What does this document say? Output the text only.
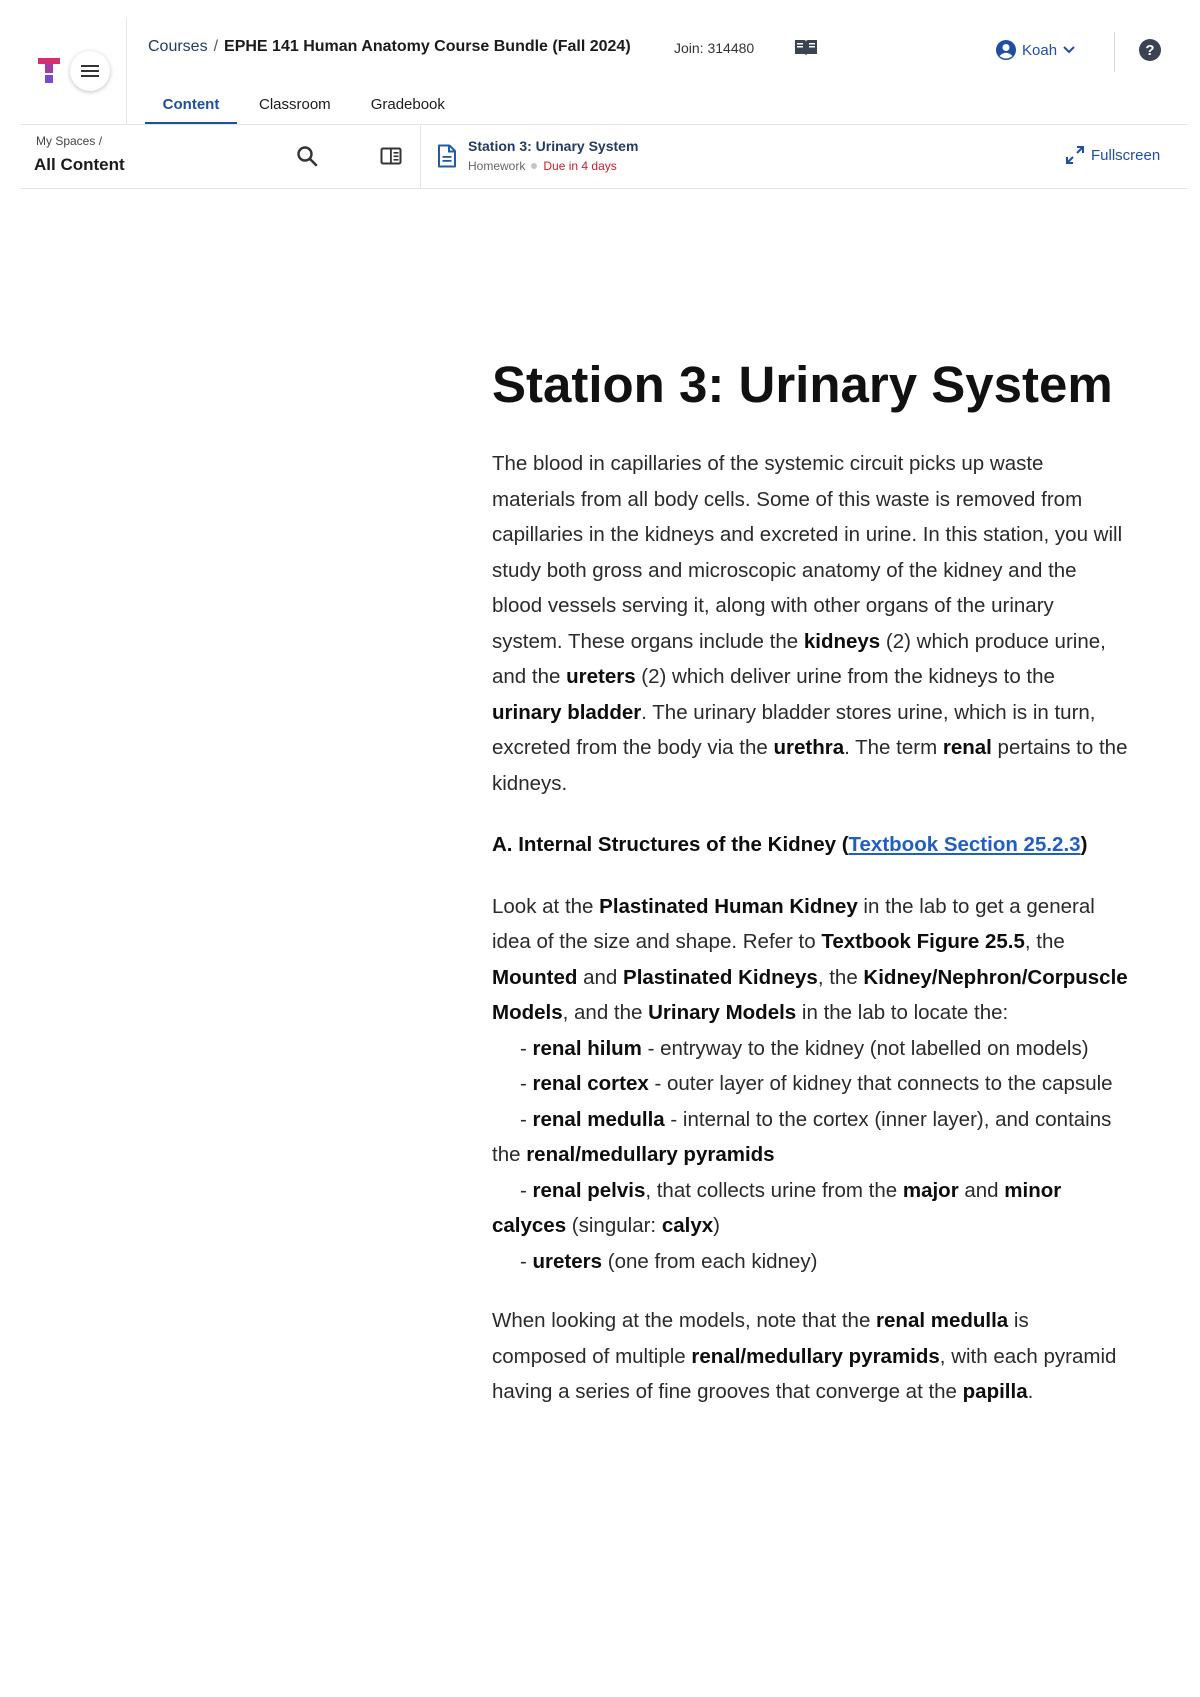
Courses / EPHE 141 Human Anatomy Course Bundle (Fall 2024)	Join: 314480	Koah	?
Content	Classroom	Gradebook
My Spaces /
All Content
Station 3: Urinary System
Homework Due in 4 days
Fullscreen
Station 3: Urinary System

The blood in capillaries of the systemic circuit picks up waste materials from all body cells. Some of this waste is removed from capillaries in the kidneys and excreted in urine. In this station, you will study both gross and microscopic anatomy of the kidney and the blood vessels serving it, along with other organs of the urinary system. These organs include the kidneys (2) which produce urine, and the ureters (2) which deliver urine from the kidneys to the urinary bladder. The urinary bladder stores urine, which is in turn, excreted from the body via the urethra. The term renal pertains to the kidneys.

A. Internal Structures of the Kidney (Textbook Section 25.2.3)

Look at the Plastinated Human Kidney in the lab to get a general idea of the size and shape. Refer to Textbook Figure 25.5, the Mounted and Plastinated Kidneys, the Kidney/Nephron/Corpuscle Models, and the Urinary Models in the lab to locate the:

- renal hilum - entryway to the kidney (not labelled on models)

- renal cortex - outer layer of kidney that connects to the capsule

- renal medulla - internal to the cortex (inner layer), and contains the renal/medullary pyramids

- renal pelvis, that collects urine from the major and minor calyces (singular: calyx)

- ureters (one from each kidney)

When looking at the models, note that the renal medulla is composed of multiple renal/medullary pyramids, with each pyramid having a series of fine grooves that converge at the papilla.
